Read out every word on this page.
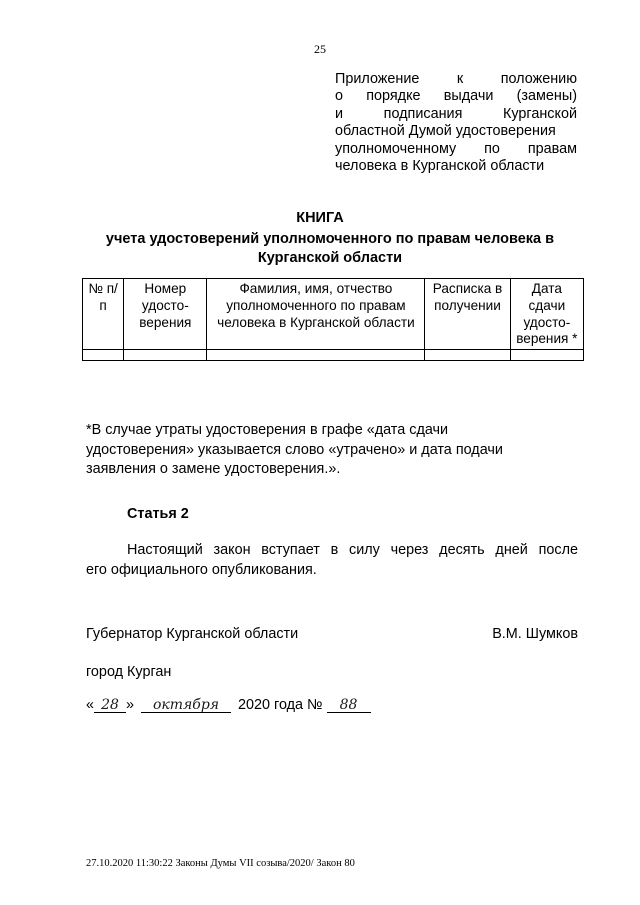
25
Приложение	к	положению
о порядке выдачи (замены)
и	подписания	Курганской
областной Думой удостоверения
уполномоченному по правам
человека в Курганской области
КНИГА
учета удостоверений уполномоченного по правам человека в Курганской области
№ п/п	Номер удосто-верения	Фамилия, имя, отчество уполномоченного по правам человека в Курганской области	Расписка в получении	Дата сдачи удосто-верения *

*В случае утраты удостоверения в графе «дата сдачи
удостоверения» указывается слово «утрачено» и дата подачи
заявления о замене удостоверения.».
Статья 2
Настоящий закон вступает в силу через десять дней после
его официального опубликования.
Губернатор Курганской области	В.М. Шумков
город Курган
« 28 » октября 2020 года № 88
27.10.2020 11:30:22 Законы Думы VII созыва/2020/ Закон 80
